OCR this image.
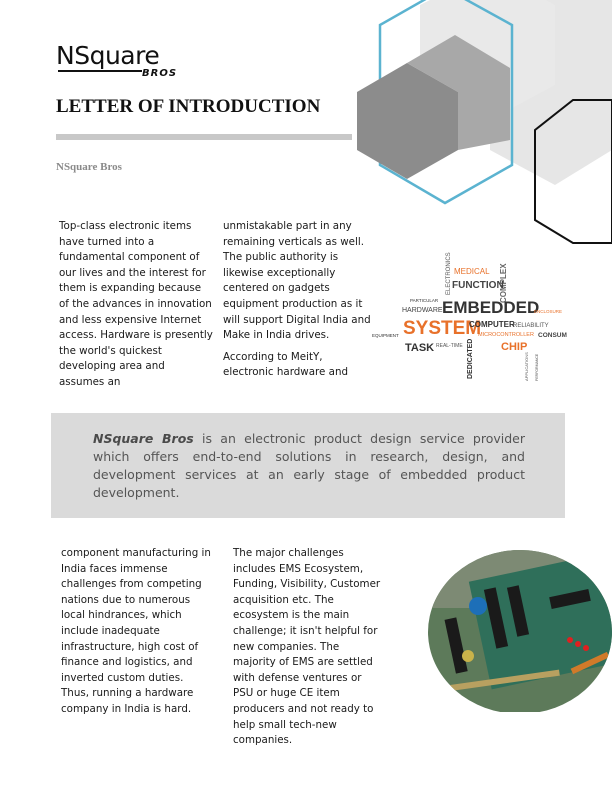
NSquare
BROS
LETTER OF INTRODUCTION
NSquare Bros

Top-class electronic items have turned into a fundamental component of our lives and the interest for them is expanding because of the advances in innovation and less expensive Internet access. Hardware is presently the world's quickest developing area and assumes an

unmistakable part in any remaining verticals as well. The public authority is likewise exceptionally centered on gadgets equipment production as it will support Digital India and Make in India drives.

According to MeitY, electronic hardware and

ELECTRONICS	COMPLEX
MEDICAL
FUNCTION
PARTICULAR
HARDWARE EMBEDDED
ENCLOSURE
SYSTEM
COMPUTER
RELIABILITY
EQUIPMENT	MICROCONTROLLER CONSUM
TASK REAL-TIME	CHIP
DEDICATED	APPLICATIONS PERFORMANCE
NSquare Bros is an electronic product design service provider which offers end-to-end solutions in research, design, and development services at an early stage of embedded product development.

component manufacturing in India faces immense challenges from competing nations due to numerous local hindrances, which include inadequate infrastructure, high cost of finance and logistics, and inverted custom duties. Thus, running a hardware company in India is hard.

The major challenges includes EMS Ecosystem, Funding, Visibility, Customer acquisition etc. The ecosystem is the main challenge; it isn't helpful for new companies. The majority of EMS are settled with defense ventures or PSU or huge CE item producers and not ready to help small tech-new companies.
